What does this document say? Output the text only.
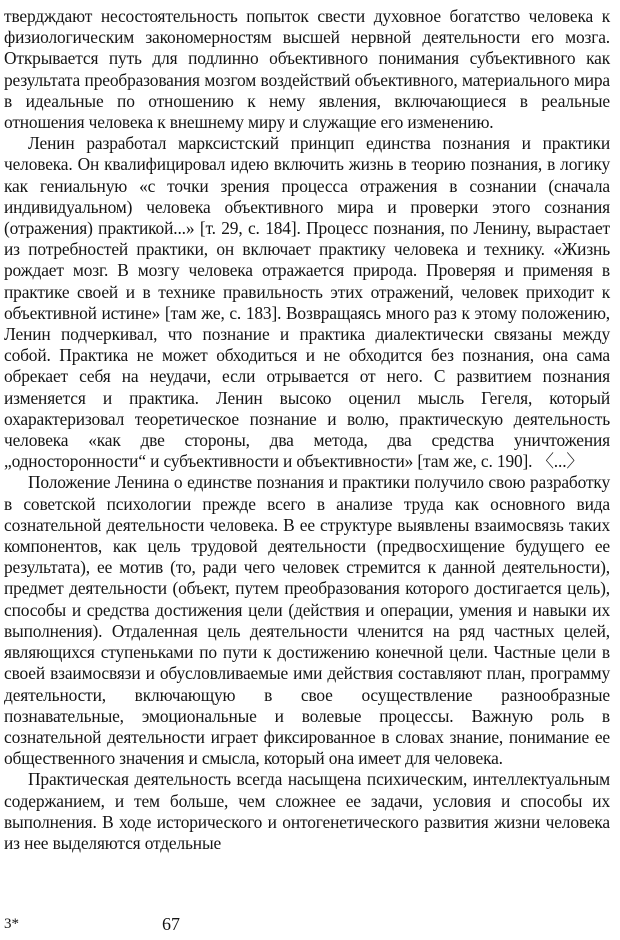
твердждают несостоятельность попыток свести духовное богатство человека к физиологическим закономерностям высшей нервной деятельности его мозга. Открывается путь для подлинно объективного понимания субъективного как результата преобразования мозгом воздействий объективного, материального мира в идеальные по отношению к нему явления, включающиеся в реальные отношения человека к внешнему миру и служащие его изменению.

Ленин разработал марксистский принцип единства познания и практики человека. Он квалифицировал идею включить жизнь в теорию познания, в логику как гениальную «с точки зрения процесса отражения в сознании (сначала индивидуальном) человека объективного мира и проверки этого сознания (отражения) практикой...» [т. 29, с. 184]. Процесс познания, по Ленину, вырастает из потребностей практики, он включает практику человека и технику. «Жизнь рождает мозг. В мозгу человека отражается природа. Проверяя и применяя в практике своей и в технике правильность этих отражений, человек приходит к объективной истине» [там же, с. 183]. Возвращаясь много раз к этому положению, Ленин подчеркивал, что познание и практика диалектически связаны между собой. Практика не может обходиться и не обходится без познания, она сама обрекает себя на неудачи, если отрывается от него. С развитием познания изменяется и практика. Ленин высоко оценил мысль Гегеля, который охарактеризовал теоретическое познание и волю, практическую деятельность человека «как две стороны, два метода, два средства уничтожения „односторонности“ и субъективности и объективности» [там же, с. 190]. 〈...〉

Положение Ленина о единстве познания и практики получило свою разработку в советской психологии прежде всего в анализе труда как основного вида сознательной деятельности человека. В ее структуре выявлены взаимосвязь таких компонентов, как цель трудовой деятельности (предвосхищение будущего ее результата), ее мотив (то, ради чего человек стремится к данной деятельности), предмет деятельности (объект, путем преобразования которого достигается цель), способы и средства достижения цели (действия и операции, умения и навыки их выполнения). Отдаленная цель деятельности членится на ряд частных целей, являющихся ступеньками по пути к достижению конечной цели. Частные цели в своей взаимосвязи и обусловливаемые ими действия составляют план, программу деятельности, включающую в свое осуществление разнообразные познавательные, эмоциональные и волевые процессы. Важную роль в сознательной деятельности играет фиксированное в словах знание, понимание ее общественного значения и смысла, который она имеет для человека.

Практическая деятельность всегда насыщена психическим, интеллектуальным содержанием, и тем больше, чем сложнее ее задачи, условия и способы их выполнения. В ходе исторического и онтогенетического развития жизни человека из нее выделяются отдельные

3*	67
